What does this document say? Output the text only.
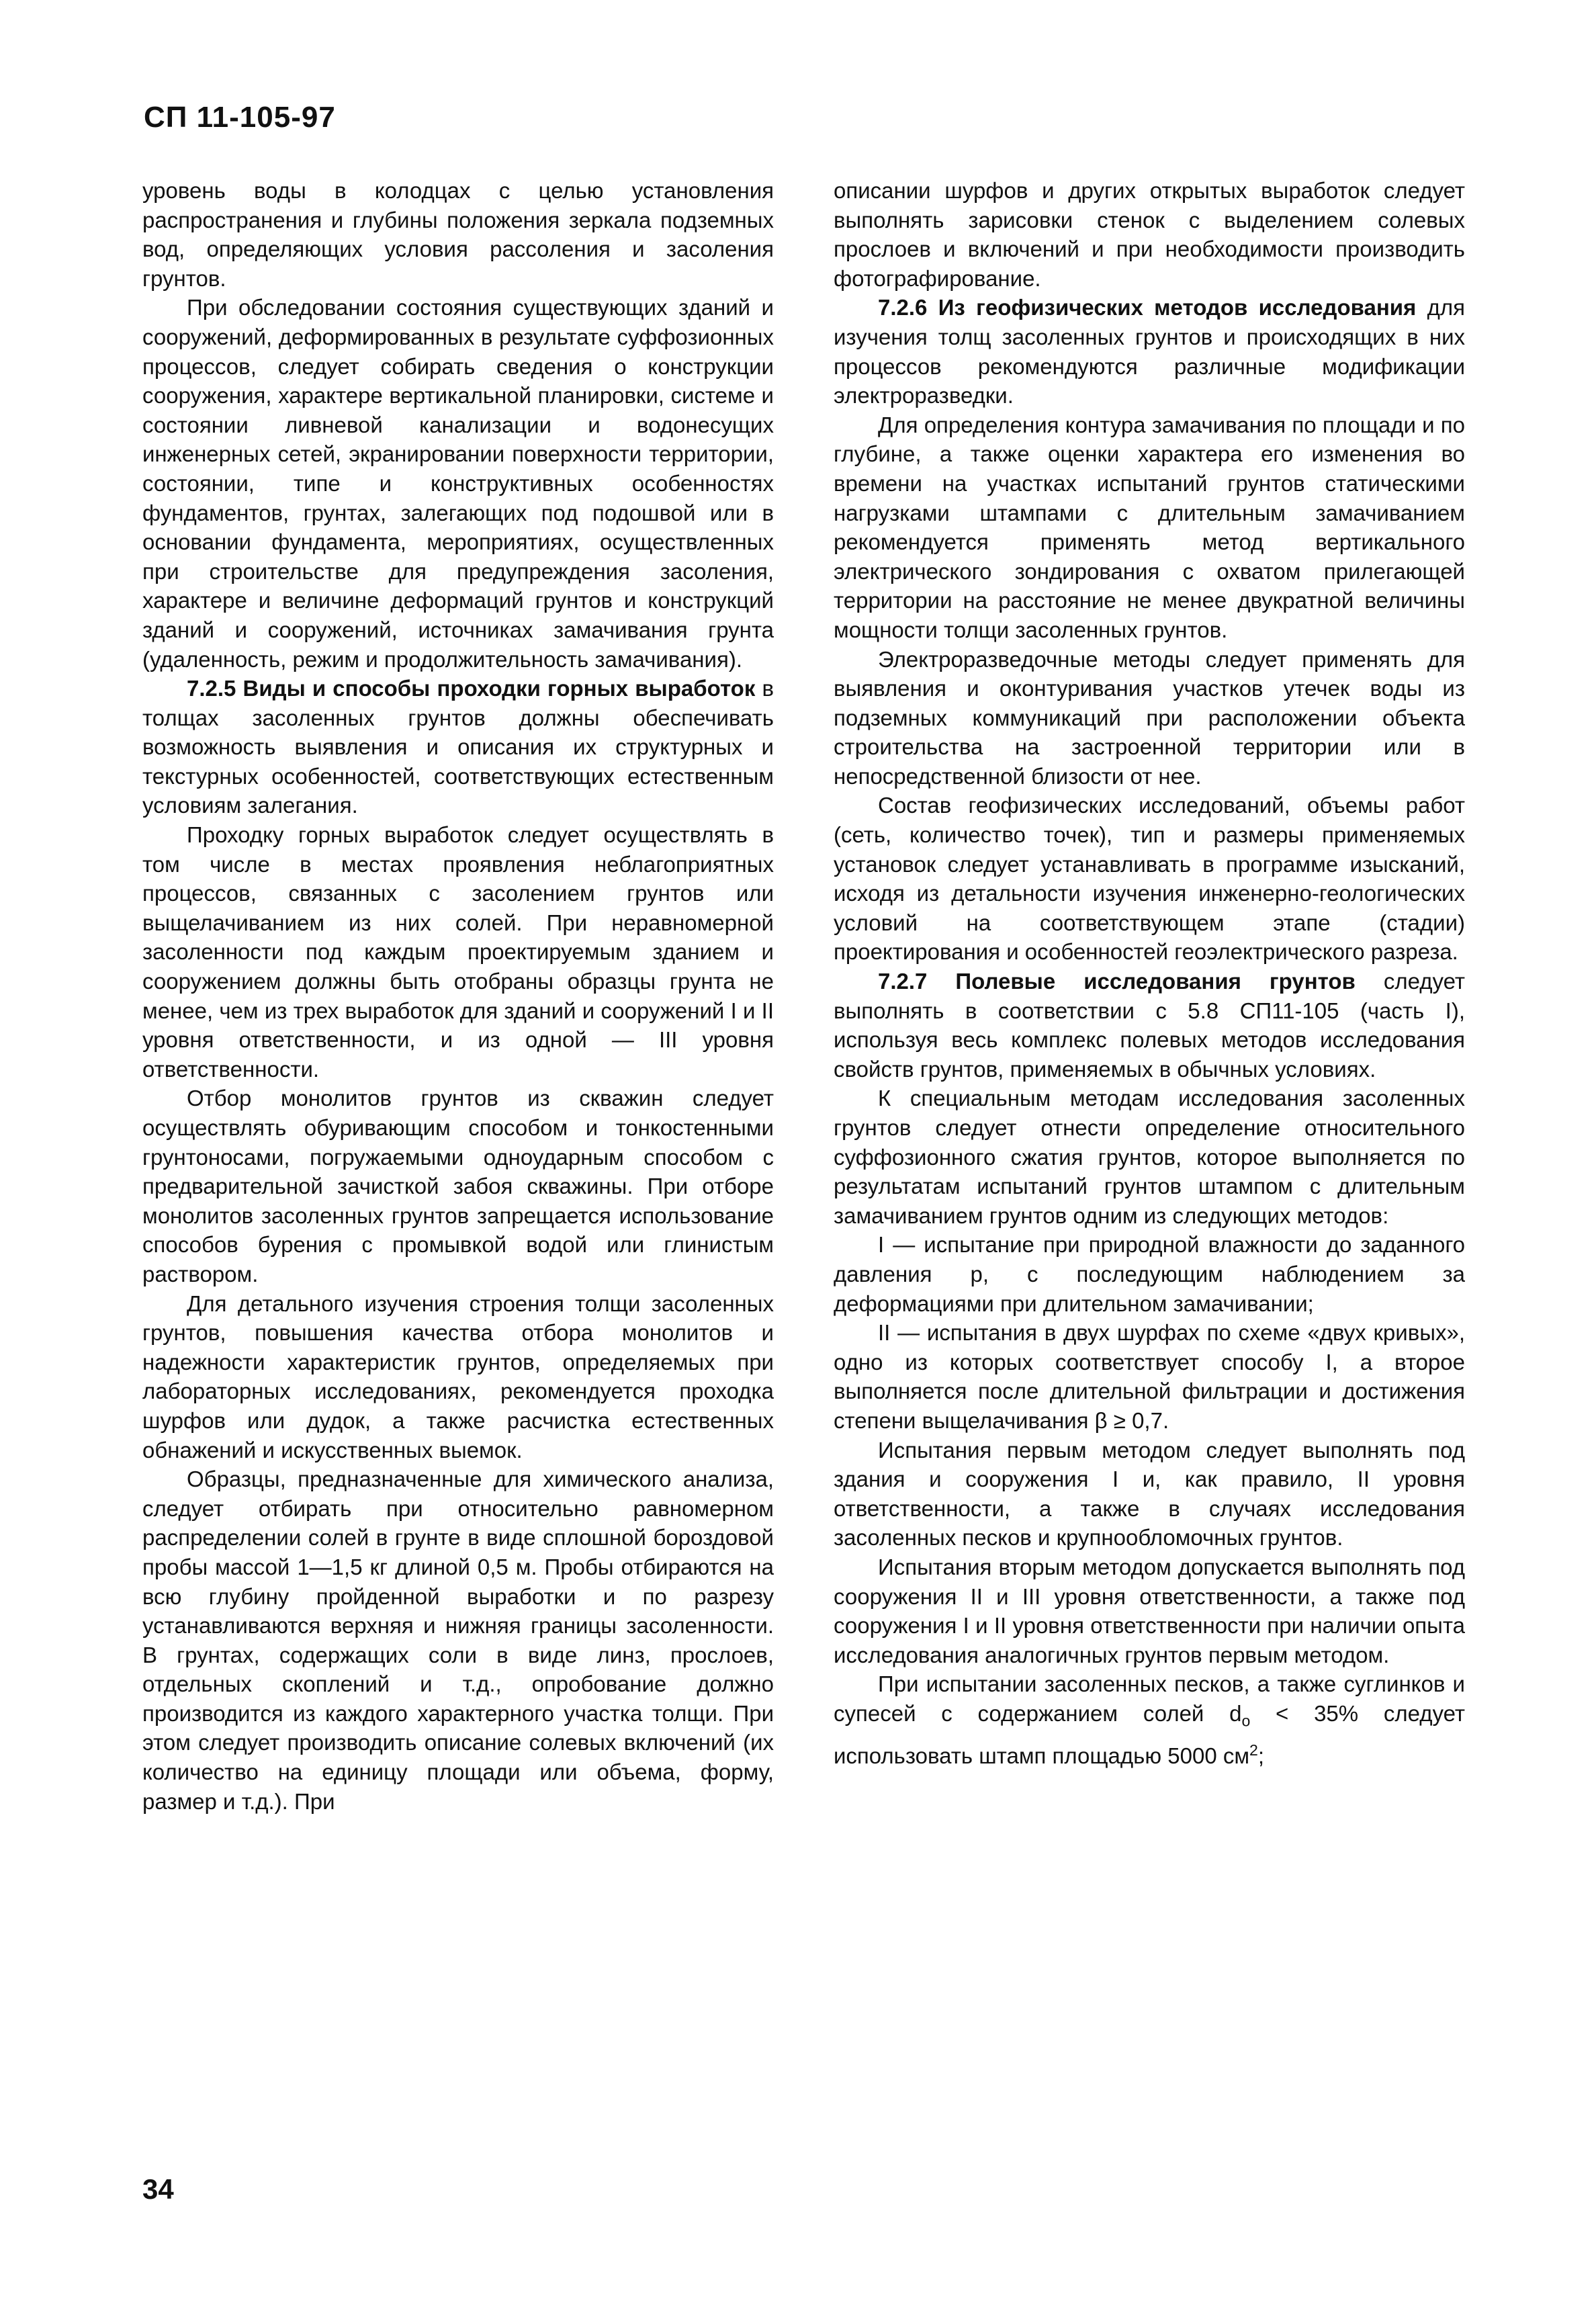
СП 11-105-97

уровень воды в колодцах с целью установления распространения и глубины положения зеркала подземных вод, определяющих условия рассоления и засоления грунтов.

При обследовании состояния существующих зданий и сооружений, деформированных в результате суффозионных процессов, следует собирать сведения о конструкции сооружения, характере вертикальной планировки, системе и состоянии ливневой канализации и водонесущих инженерных сетей, экранировании поверхности территории, состоянии, типе и конструктивных особенностях фундаментов, грунтах, залегающих под подошвой или в основании фундамента, мероприятиях, осуществленных при строительстве для предупреждения засоления, характере и величине деформаций грунтов и конструкций зданий и сооружений, источниках замачивания грунта (удаленность, режим и продолжительность замачивания).

7.2.5 Виды и способы проходки горных выработок в толщах засоленных грунтов должны обеспечивать возможность выявления и описания их структурных и текстурных особенностей, соответствующих естественным условиям залегания.

Проходку горных выработок следует осуществлять в том числе в местах проявления неблагоприятных процессов, связанных с засолением грунтов или выщелачиванием из них солей. При неравномерной засоленности под каждым проектируемым зданием и сооружением должны быть отобраны образцы грунта не менее, чем из трех выработок для зданий и сооружений I и II уровня ответственности, и из одной — III уровня ответственности.

Отбор монолитов грунтов из скважин следует осуществлять обуривающим способом и тонкостенными грунтоносами, погружаемыми одноударным способом с предварительной зачисткой забоя скважины. При отборе монолитов засоленных грунтов запрещается использование способов бурения с промывкой водой или глинистым раствором.

Для детального изучения строения толщи засоленных грунтов, повышения качества отбора монолитов и надежности характеристик грунтов, определяемых при лабораторных исследованиях, рекомендуется проходка шурфов или дудок, а также расчистка естественных обнажений и искусственных выемок.

Образцы, предназначенные для химического анализа, следует отбирать при относительно равномерном распределении солей в грунте в виде сплошной бороздовой пробы массой 1—1,5 кг длиной 0,5 м. Пробы отбираются на всю глубину пройденной выработки и по разрезу устанавливаются верхняя и нижняя границы засоленности. В грунтах, содержащих соли в виде линз, прослоев, отдельных скоплений и т.д., опробование должно производится из каждого характерного участка толщи. При этом следует производить описание солевых включений (их количество на единицу площади или объема, форму, размер и т.д.). При

описании шурфов и других открытых выработок следует выполнять зарисовки стенок с выделением солевых прослоев и включений и при необходимости производить фотографирование.

7.2.6 Из геофизических методов исследования для изучения толщ засоленных грунтов и происходящих в них процессов рекомендуются различные модификации электроразведки.

Для определения контура замачивания по площади и по глубине, а также оценки характера его изменения во времени на участках испытаний грунтов статическими нагрузками штампами с длительным замачиванием рекомендуется применять метод вертикального электрического зондирования с охватом прилегающей территории на расстояние не менее двукратной величины мощности толщи засоленных грунтов.

Электроразведочные методы следует применять для выявления и оконтуривания участков утечек воды из подземных коммуникаций при расположении объекта строительства на застроенной территории или в непосредственной близости от нее.

Состав геофизических исследований, объемы работ (сеть, количество точек), тип и размеры применяемых установок следует устанавливать в программе изысканий, исходя из детальности изучения инженерно-геологических условий на соответствующем этапе (стадии) проектирования и особенностей геоэлектрического разреза.

7.2.7 Полевые исследования грунтов следует выполнять в соответствии с 5.8 СП11-105 (часть I), используя весь комплекс полевых методов исследования свойств грунтов, применяемых в обычных условиях.

К специальным методам исследования засоленных грунтов следует отнести определение относительного суффозионного сжатия грунтов, которое выполняется по результатам испытаний грунтов штампом с длительным замачиванием грунтов одним из следующих методов:

I — испытание при природной влажности до заданного давления p, с последующим наблюдением за деформациями при длительном замачивании;

II — испытания в двух шурфах по схеме «двух кривых», одно из которых соответствует способу I, а второе выполняется после длительной фильтрации и достижения степени выщелачивания β ≥ 0,7.

Испытания первым методом следует выполнять под здания и сооружения I и, как правило, II уровня ответственности, а также в случаях исследования засоленных песков и крупнообломочных грунтов.

Испытания вторым методом допускается выполнять под сооружения II и III уровня ответственности, а также под сооружения I и II уровня ответственности при наличии опыта исследования аналогичных грунтов первым методом.

При испытании засоленных песков, а также суглинков и супесей с содержанием солей $d_o < 35\%$ следует использовать штамп площадью 5000 $см^2$;

34
